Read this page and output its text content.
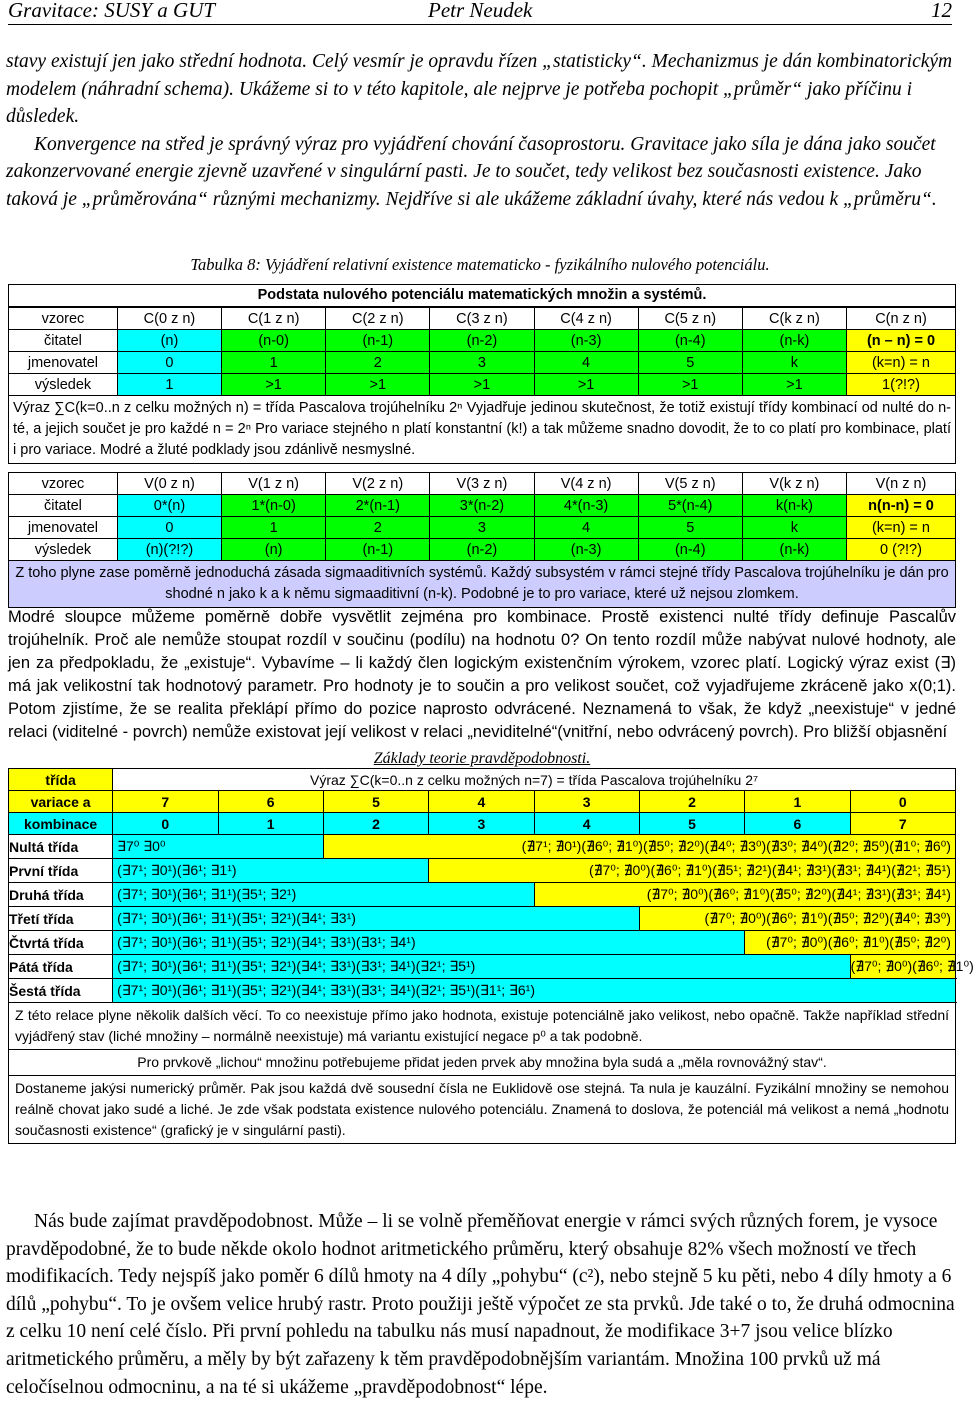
Gravitace: SUSY a GUT	Petr Neudek	12

stavy existují jen jako střední hodnota. Celý vesmír je opravdu řízen „statisticky“. Mechanizmus je dán kombinatorickým modelem (náhradní schema). Ukážeme si to v této kapitole, ale nejprve je potřeba pochopit „průměr“ jako příčinu i důsledek.

Konvergence na střed je správný výraz pro vyjádření chování časoprostoru. Gravitace jako síla je dána jako součet zakonzervované energie zjevně uzavřené v singulární pasti. Je to součet, tedy velikost bez současnosti existence. Jako taková je „průměrována“ různými mechanizmy. Nejdříve si ale ukážeme základní úvahy, které nás vedou k „průměru“.

Tabulka 8: Vyjádření relativní existence matematicko - fyzikálního nulového potenciálu.
Podstata nulového potenciálu matematických množin a systémů.
vzorec	C(0 z n)	C(1 z n)	C(2 z n)	C(3 z n)	C(4 z n)	C(5 z n)	C(k z n)	C(n z n)
čitatel	(n)	(n-0)	(n-1)	(n-2)	(n-3)	(n-4)	(n-k)	(n – n) = 0
jmenovatel	0	1	2	3	4	5	k	(k=n) = n
výsledek	1	>1	>1	>1	>1	>1	>1	1(?!?)
Výraz ∑C(k=0..n z celku možných n) = třída Pascalova trojúhelníku 2ⁿ Vyjadřuje jedinou skutečnost, že totiž existují třídy kombinací od nulté do n-té, a jejich součet je pro každé n = 2ⁿ Pro variace stejného n platí konstantní (k!) a tak můžeme snadno dovodit, že to co platí pro kombinace, platí i pro variace. Modré a žluté podklady jsou zdánlivě nesmyslné.
vzorec	V(0 z n)	V(1 z n)	V(2 z n)	V(3 z n)	V(4 z n)	V(5 z n)	V(k z n)	V(n z n)
čitatel	0*(n)	1*(n-0)	2*(n-1)	3*(n-2)	4*(n-3)	5*(n-4)	k(n-k)	n(n-n) = 0
jmenovatel	0	1	2	3	4	5	k	(k=n) = n
výsledek	(n)(?!?)	(n)	(n-1)	(n-2)	(n-3)	(n-4)	(n-k)	0 (?!?)
Z toho plyne zase poměrně jednoduchá zásada sigmaaditivních systémů. Každý subsystém v rámci stejné třídy Pascalova trojúhelníku je dán pro shodné n jako k a k němu sigmaaditivní (n-k). Podobné je to pro variace, které už nejsou zlomkem.
Modré sloupce můžeme poměrně dobře vysvětlit zejména pro kombinace. Prostě existenci nulté třídy definuje Pascalův trojúhelník. Proč ale nemůže stoupat rozdíl v součinu (podílu) na hodnotu 0? On tento rozdíl může nabývat nulové hodnoty, ale jen za předpokladu, že „existuje“. Vybavíme – li každý člen logickým existenčním výrokem, vzorec platí. Logický výraz exist (∃) má jak velikostní tak hodnotový parametr. Pro hodnoty je to součin a pro velikost součet, což vyjadřujeme zkráceně jako x(0;1). Potom zjistíme, že se realita překlápí přímo do pozice naprosto odvrácené. Neznamená to však, že když „neexistuje“ v jedné relaci (viditelné - povrch) nemůže existovat její velikost v relaci „neviditelné“(vnitřní, nebo odvrácený povrch). Pro bližší objasnění
Základy teorie pravděpodobnosti.
třída	Výraz ∑C(k=0..n z celku možných n=7) = třída Pascalova trojúhelníku 2⁷								
variace a	7	6	5	4	3	2	1	0	
kombinace	0	1	2	3	4	5	6	7	
Nultá třída	∃7⁰ ∃0⁰		(∄7¹; ∄0¹)(∄6⁰; ∄1⁰)(∄5⁰; ∄2⁰)(∄4⁰; ∄3⁰)(∄3⁰; ∄4⁰)(∄2⁰; ∄5⁰)(∄1⁰; ∄6⁰)						
První třída	(∃7¹; ∃0¹)(∃6¹; ∃1¹)			(∄7⁰; ∄0⁰)(∄6⁰; ∄1⁰)(∄5¹; ∄2¹)(∄4¹; ∄3¹)(∄3¹; ∄4¹)(∄2¹; ∄5¹)					
Druhá třída	(∃7¹; ∃0¹)(∃6¹; ∃1¹)(∃5¹; ∃2¹)				(∄7⁰; ∄0⁰)(∄6⁰; ∄1⁰)(∄5⁰; ∄2⁰)(∄4¹; ∄3¹)(∄3¹; ∄4¹)				
Třetí třída	(∃7¹; ∃0¹)(∃6¹; ∃1¹)(∃5¹; ∃2¹)(∃4¹; ∃3¹)					(∄7⁰; ∄0⁰)(∄6⁰; ∄1⁰)(∄5⁰; ∄2⁰)(∄4⁰; ∄3⁰)			
Čtvrtá třída	(∃7¹; ∃0¹)(∃6¹; ∃1¹)(∃5¹; ∃2¹)(∃4¹; ∃3¹)(∃3¹; ∃4¹)						(∄7⁰; ∄0⁰)(∄6⁰; ∄1⁰)(∄5⁰; ∄2⁰)		
Pátá třída	(∃7¹; ∃0¹)(∃6¹; ∃1¹)(∃5¹; ∃2¹)(∃4¹; ∃3¹)(∃3¹; ∃4¹)(∃2¹; ∃5¹)							(∄7⁰; ∄0⁰)(∄6⁰; ∄1⁰)	
Šestá třída	(∃7¹; ∃0¹)(∃6¹; ∃1¹)(∃5¹; ∃2¹)(∃4¹; ∃3¹)(∃3¹; ∃4¹)(∃2¹; ∃5¹)(∃1¹; ∃6¹)	
Z této relace plyne několik dalších věcí. To co neexistuje přímo jako hodnota, existuje potenciálně jako velikost, nebo opačně. Takže například střední vyjádřený stav (liché množiny – normálně neexistuje) má variantu existující negace p⁰ a tak podobně.
Pro prvkově „lichou“ množinu potřebujeme přidat jeden prvek aby množina byla sudá a „měla rovnovážný stav“.
Dostaneme jakýsi numerický průměr. Pak jsou každá dvě sousední čísla ne Euklidově ose stejná. Ta nula je kauzální. Fyzikální množiny se nemohou reálně chovat jako sudé a liché. Je zde však podstata existence nulového potenciálu. Znamená to doslova, že potenciál má velikost a nemá „hodnotu současnosti existence“ (grafický je v singulární pasti).

Nás bude zajímat pravděpodobnost. Může – li se volně přeměňovat energie v rámci svých různých forem, je vysoce pravděpodobné, že to bude někde okolo hodnot aritmetického průměru, který obsahuje 82% všech možností ve třech modifikacích. Tedy nejspíš jako poměr 6 dílů hmoty na 4 díly „pohybu“ (c²), nebo stejně 5 ku pěti, nebo 4 díly hmoty a 6 dílů „pohybu“. To je ovšem velice hrubý rastr. Proto použiji ještě výpočet ze sta prvků. Jde také o to, že druhá odmocnina z celku 10 není celé číslo. Při první pohledu na tabulku nás musí napadnout, že modifikace 3+7 jsou velice blízko aritmetického průměru, a měly by být zařazeny k těm pravděpodobnějším variantám. Množina 100 prvků už má celočíselnou odmocninu, a na té si ukážeme „pravděpodobnost“ lépe.
